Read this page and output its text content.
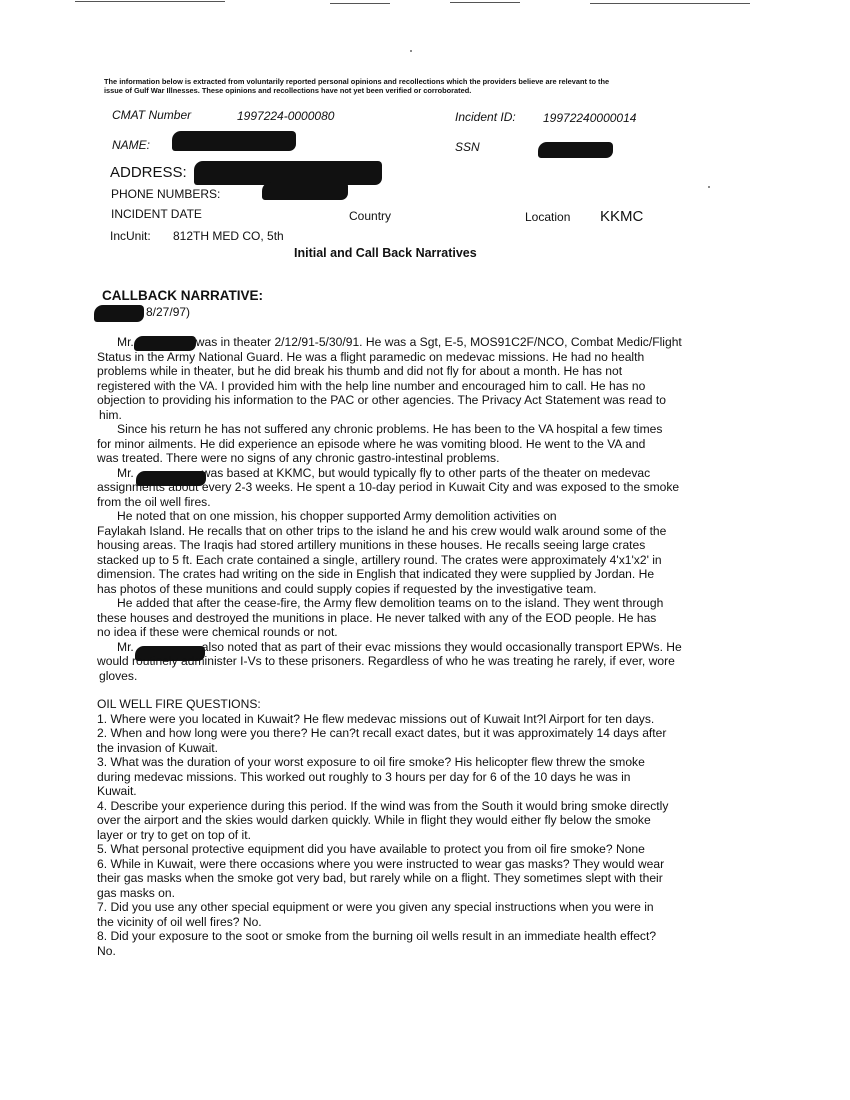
The information below is extracted from voluntarily reported personal opinions and recollections which the providers believe are relevant to the
issue of Gulf War Illnesses. These opinions and recollections have not yet been verified or corroborated.
CMAT Number	1997224-0000080	Incident ID: 19972240000014
NAME:	SSN
ADDRESS:
PHONE NUMBERS:
INCIDENT DATE	Country	Location KKMC
IncUnit: 812TH MED CO, 5th
Initial and Call Back Narratives
CALLBACK NARRATIVE:
8/27/97)

Mr.	was in theater 2/12/91-5/30/91. He was a Sgt, E-5, MOS91C2F/NCO, Combat Medic/Flight

Status in the Army National Guard. He was a flight paramedic on medevac missions. He had no health

problems while in theater, but he did break his thumb and did not fly for about a month. He has not

registered with the VA. I provided him with the help line number and encouraged him to call. He has no

objection to providing his information to the PAC or other agencies. The Privacy Act Statement was read to

him.

Since his return he has not suffered any chronic problems. He has been to the VA hospital a few times

for minor ailments. He did experience an episode where he was vomiting blood. He went to the VA and

was treated. There were no signs of any chronic gastro-intestinal problems.

Mr.	was based at KKMC, but would typically fly to other parts of the theater on medevac

assignments about every 2-3 weeks. He spent a 10-day period in Kuwait City and was exposed to the smoke

from the oil well fires.

He noted that on one mission, his chopper supported Army demolition activities on

Faylakah Island. He recalls that on other trips to the island he and his crew would walk around some of the

housing areas. The Iraqis had stored artillery munitions in these houses. He recalls seeing large crates

stacked up to 5 ft. Each crate contained a single, artillery round. The crates were approximately 4'x1'x2' in

dimension. The crates had writing on the side in English that indicated they were supplied by Jordan. He

has photos of these munitions and could supply copies if requested by the investigative team.

He added that after the cease-fire, the Army flew demolition teams on to the island. They went through

these houses and destroyed the munitions in place. He never talked with any of the EOD people. He has

no idea if these were chemical rounds or not.

Mr.	also noted that as part of their evac missions they would occasionally transport EPWs. He

would routinely administer I-Vs to these prisoners. Regardless of who he was treating he rarely, if ever, wore

gloves.

OIL WELL FIRE QUESTIONS:

1. Where were you located in Kuwait? He flew medevac missions out of Kuwait Int?l Airport for ten days.

2. When and how long were you there? He can?t recall exact dates, but it was approximately 14 days after

the invasion of Kuwait.

3. What was the duration of your worst exposure to oil fire smoke? His helicopter flew threw the smoke

during medevac missions. This worked out roughly to 3 hours per day for 6 of the 10 days he was in

Kuwait.

4. Describe your experience during this period. If the wind was from the South it would bring smoke directly

over the airport and the skies would darken quickly. While in flight they would either fly below the smoke

layer or try to get on top of it.

5. What personal protective equipment did you have available to protect you from oil fire smoke? None

6. While in Kuwait, were there occasions where you were instructed to wear gas masks? They would wear

their gas masks when the smoke got very bad, but rarely while on a flight. They sometimes slept with their

gas masks on.

7. Did you use any other special equipment or were you given any special instructions when you were in

the vicinity of oil well fires? No.

8. Did your exposure to the soot or smoke from the burning oil wells result in an immediate health effect?

No.
